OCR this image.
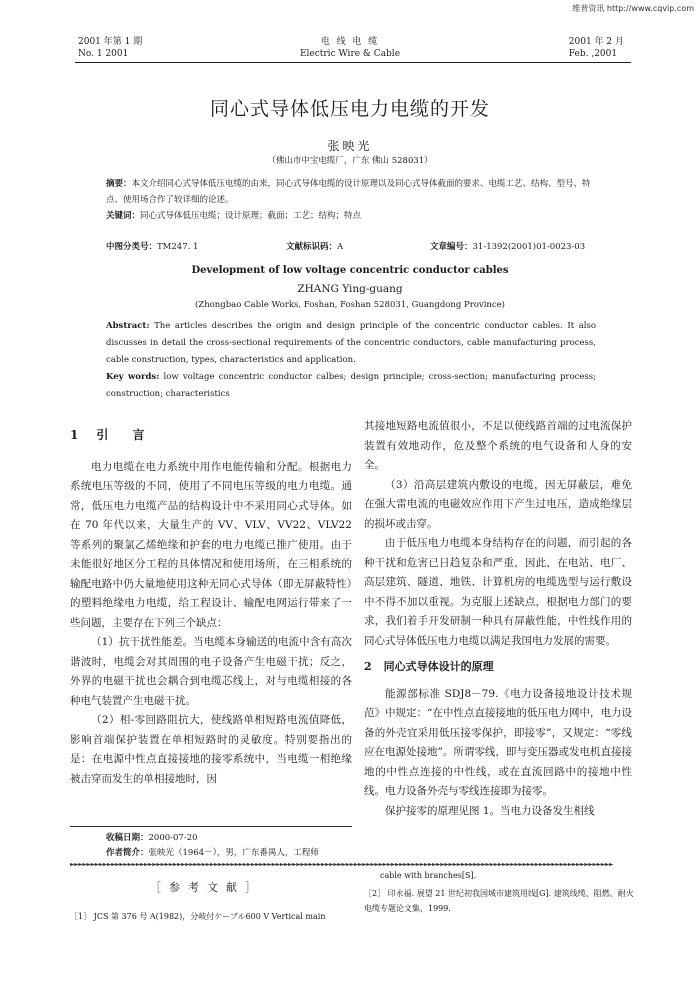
维普资讯 http://www.cqvip.com
2001 年第 1 期
No. 1 2001
电 线 电 缆
Electric Wire & Cable
2001 年 2 月
Feb. ,2001
同心式导体低压电力电缆的开发
张映光
（佛山市中宝电缆厂，广东 佛山 528031）
摘要：本文介绍同心式导体低压电缆的由来，同心式导体电缆的设计原理以及同心式导体截面的要求、电缆工艺、结构、型号、特点、使用场合作了较详细的论述。
关键词：同心式导体低压电缆；设计原理；截面；工艺；结构；特点
中图分类号：TM247. 1	文献标识码：A	文章编号：31-1392(2001)01-0023-03
Development of low voltage concentric conductor cables
ZHANG Ying-guang
(Zhongbao Cable Works, Foshan, Foshan 528031, Guangdong Province)
Abstract: The articles describes the origin and design principle of the concentric conductor cables. It also discusses in detail the cross-sectional requirements of the concentric conductors, cable manufacturing process, cable construction, types, characteristics and application.
Key words: low voltage concentric conductor calbes; design principle; cross-section; manufacturing process; construction; characteristics
1 引 言

电力电缆在电力系统中用作电能传输和分配。根据电力系统电压等级的不同，使用了不同电压等级的电力电缆。通常，低压电力电缆产品的结构设计中不采用同心式导体。如在 70 年代以来，大量生产的 VV、VLV、VV22、VLV22 等系列的聚氯乙烯绝缘和护套的电力电缆已推广使用。由于未能很好地区分工程的具体情况和使用场所，在三相系统的输配电路中仍大量地使用这种无同心式导体（即无屏蔽特性）的塑料绝缘电力电缆，给工程设计、输配电网运行带来了一些问题，主要存在下列三个缺点：

（1）抗干扰性能差。当电缆本身输送的电流中含有高次谐波时，电缆会对其周围的电子设备产生电磁干扰；反之，外界的电磁干扰也会耦合到电缆芯线上，对与电缆相接的各种电气装置产生电磁干扰。

（2）相-零回路阻抗大，使线路单相短路电流值降低，影响首端保护装置在单相短路时的灵敏度。特别要指出的是：在电源中性点直接接地的接零系统中，当电缆一相绝缘被击穿而发生的单相接地时，因

其接地短路电流值很小，不足以使线路首端的过电流保护装置有效地动作，危及整个系统的电气设备和人身的安全。

（3）沿高层建筑内敷设的电缆，因无屏蔽层，难免在强大雷电流的电磁效应作用下产生过电压，造成绝缘层的损坏或击穿。

由于低压电力电缆本身结构存在的问题，而引起的各种干扰和危害已日趋复杂和严重，因此，在电站、电厂、高层建筑、隧道、地铁、计算机房的电缆选型与运行敷设中不得不加以重视。为克服上述缺点，根据电力部门的要求，我们着手开发研制一种具有屏蔽性能，中性线作用的同心式导体低压电力电缆以满足我国电力发展的需要。

2 同心式导体设计的原理

能源部标准 SDJ8－79.《电力设备接地设计技术规范》中规定：“在中性点直接接地的低压电力网中，电力设备的外壳宜采用低压接零保护，即接零”，又规定：“零线应在电源处接地”。所谓零线，即与变压器或发电机直接接地的中性点连接的中性线，或在直流回路中的接地中性线。电力设备外壳与零线连接即为接零。

保护接零的原理见图 1。当电力设备发生相线

收稿日期：2000-07-20
作者简介：张映光（1964－），男，广东番禺人，工程师
►►►►►►►►►►►►►►►►►►►►►►►►►►►►►►►►►►►►►►►►►►►►►►►►►►►►►►►►►►►►►►►►►►►►►►►►►►►►►►►►►►►►►►►►►►►►►►►►►►►►►►►►►►►►►►►►►►►►►►►►►►►►►►►►►►►►
［参考文献］
［1］ JCS 第 376 号 A(1982)，分岐付ケーブル600 V Vertical main
cable with branches[S].
［2］ 印永福. 展望 21 世纪初我国城市建筑用线[G]. 建筑线缆、阻燃、耐火电缆专题论文集，1999.
